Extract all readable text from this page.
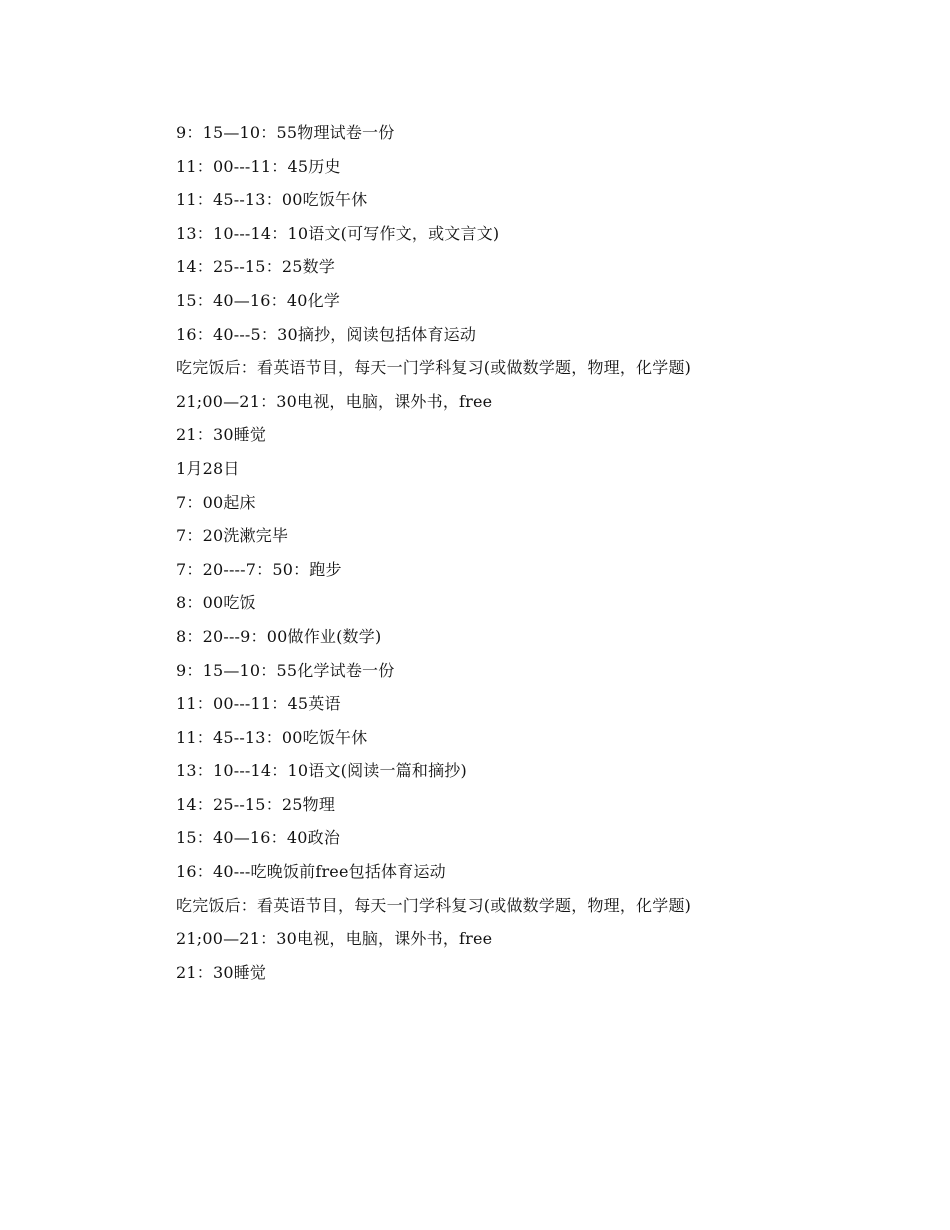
9：15—10：55物理试卷一份
11：00---11：45历史
11：45--13：00吃饭午休
13：10---14：10语文(可写作文，或文言文)
14：25--15：25数学
15：40—16：40化学
16：40---5：30摘抄，阅读包括体育运动
吃完饭后：看英语节目，每天一门学科复习(或做数学题，物理，化学题)
21;00—21：30电视，电脑，课外书，free
21：30睡觉
1月28日
7：00起床
7：20洗漱完毕
7：20----7：50：跑步
8：00吃饭
8：20---9：00做作业(数学)
9：15—10：55化学试卷一份
11：00---11：45英语
11：45--13：00吃饭午休
13：10---14：10语文(阅读一篇和摘抄)
14：25--15：25物理
15：40—16：40政治
16：40---吃晚饭前free包括体育运动
吃完饭后：看英语节目，每天一门学科复习(或做数学题，物理，化学题)
21;00—21：30电视，电脑，课外书，free
21：30睡觉
